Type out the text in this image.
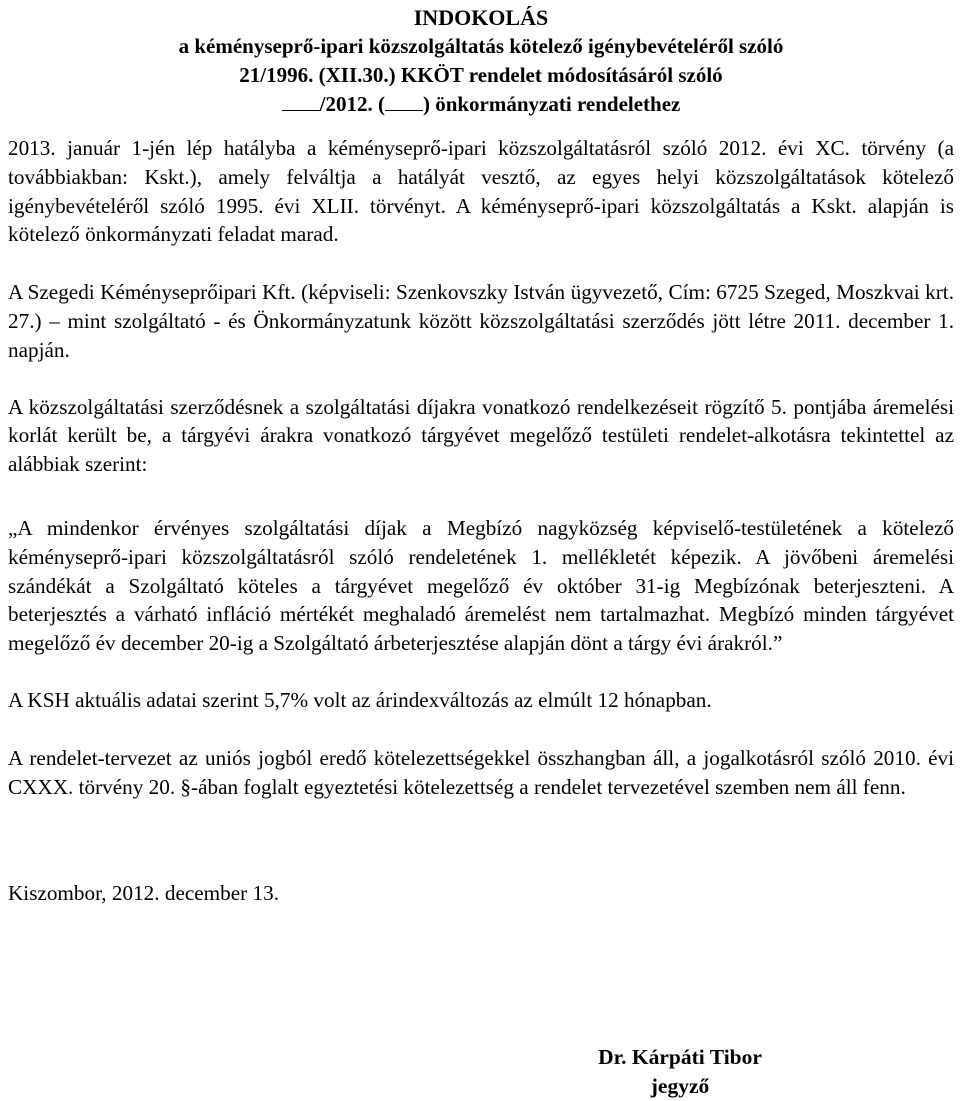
INDOKOLÁS
a kéményseprő-ipari közszolgáltatás kötelező igénybevételéről szóló
21/1996. (XII.30.) KKÖT rendelet módosításáról szóló
/2012. ( ) önkormányzati rendelethez

2013. január 1-jén lép hatályba a kéményseprő-ipari közszolgáltatásról szóló 2012. évi XC. törvény (a továbbiakban: Kskt.), amely felváltja a hatályát vesztő, az egyes helyi közszolgáltatások kötelező igénybevételéről szóló 1995. évi XLII. törvényt. A kéményseprő-ipari közszolgáltatás a Kskt. alapján is kötelező önkormányzati feladat marad.

A Szegedi Kéményseprőipari Kft. (képviseli: Szenkovszky István ügyvezető, Cím: 6725 Szeged, Moszkvai krt. 27.) – mint szolgáltató - és Önkormányzatunk között közszolgáltatási szerződés jött létre 2011. december 1. napján.

A közszolgáltatási szerződésnek a szolgáltatási díjakra vonatkozó rendelkezéseit rögzítő 5. pontjába áremelési korlát került be, a tárgyévi árakra vonatkozó tárgyévet megelőző testületi rendelet-alkotásra tekintettel az alábbiak szerint:

„A mindenkor érvényes szolgáltatási díjak a Megbízó nagyközség képviselő-testületének a kötelező kéményseprő-ipari közszolgáltatásról szóló rendeletének 1. mellékletét képezik. A jövőbeni áremelési szándékát a Szolgáltató köteles a tárgyévet megelőző év október 31-ig Megbízónak beterjeszteni. A beterjesztés a várható infláció mértékét meghaladó áremelést nem tartalmazhat. Megbízó minden tárgyévet megelőző év december 20-ig a Szolgáltató árbeterjesztése alapján dönt a tárgy évi árakról.”

A KSH aktuális adatai szerint 5,7% volt az árindexváltozás az elmúlt 12 hónapban.

A rendelet-tervezet az uniós jogból eredő kötelezettségekkel összhangban áll, a jogalkotásról szóló 2010. évi CXXX. törvény 20. §-ában foglalt egyeztetési kötelezettség a rendelet tervezetével szemben nem áll fenn.

Kiszombor, 2012. december 13.

Dr. Kárpáti Tibor
jegyző
